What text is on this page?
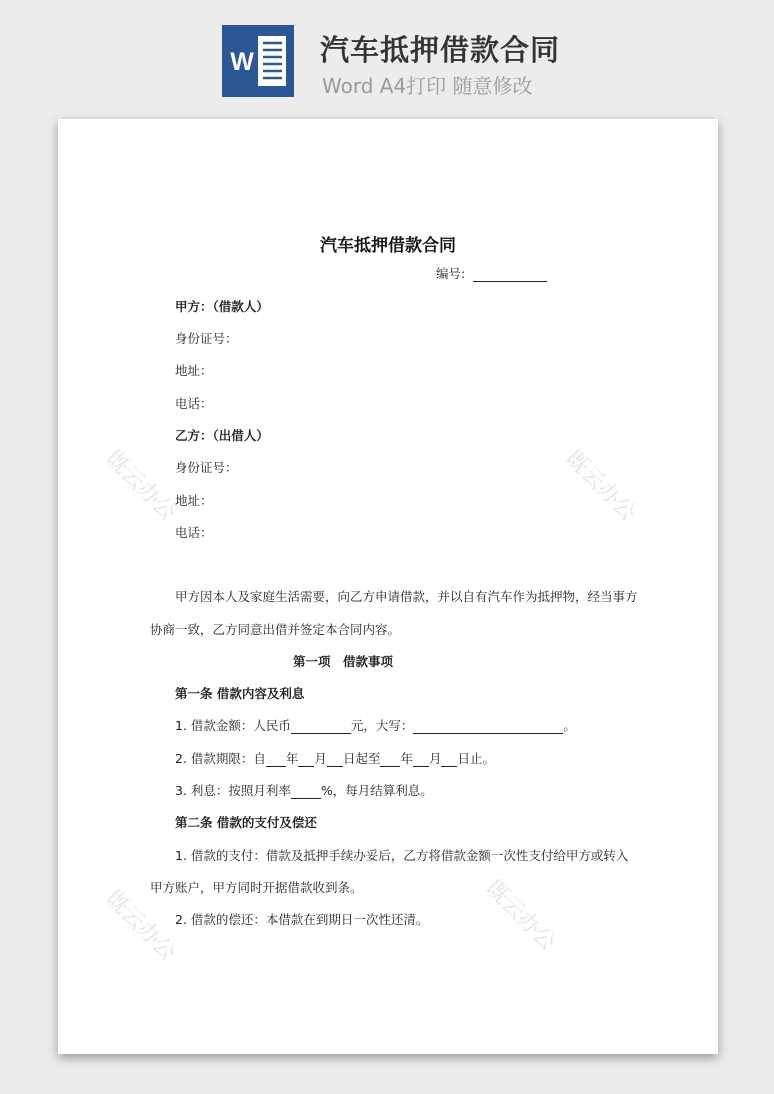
W 汽车抵押借款合同
Word A4打印 随意修改
既云办公	既云办公
既云办公	既云办公
汽车抵押借款合同
编号:
甲方：（借款人）
身份证号：
地址：
电话：
乙方：（出借人）
身份证号：
地址：
电话：
甲方因本人及家庭生活需要，向乙方申请借款，并以自有汽车作为抵押物，经当事方
协商一致，乙方同意出借并签定本合同内容。
第一项　借款事项
第一条 借款内容及利息
1. 借款金额：人民币	元，大写：	。
2. 借款期限：自 年 月 日起至 年 月 日止。
3. 利息：按照月利率 %，每月结算利息。
第二条 借款的支付及偿还
1. 借款的支付：借款及抵押手续办妥后，乙方将借款金额一次性支付给甲方或转入
甲方账户，甲方同时开据借款收到条。
2. 借款的偿还：本借款在到期日一次性还清。
